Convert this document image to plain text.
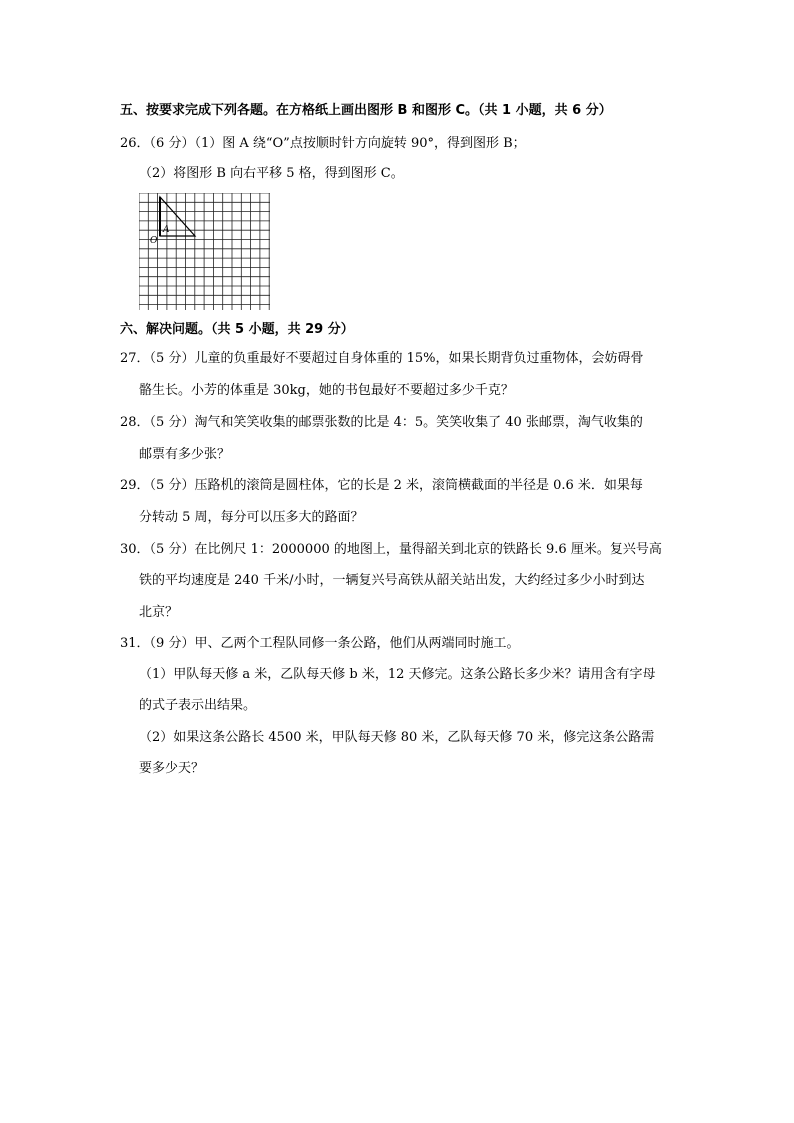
五、按要求完成下列各题。在方格纸上画出图形 B 和图形 C。（共 1 小题，共 6 分）
26．（6 分）（1）图 A 绕“O”点按顺时针方向旋转 90°，得到图形 B；
（2）将图形 B 向右平移 5 格，得到图形 C。
A
O
六、解决问题。（共 5 小题，共 29 分）
27．（5 分）儿童的负重最好不要超过自身体重的 15%，如果长期背负过重物体，会妨碍骨
骼生长。小芳的体重是 30kg，她的书包最好不要超过多少千克？
28．（5 分）淘气和笑笑收集的邮票张数的比是 4：5。笑笑收集了 40 张邮票，淘气收集的
邮票有多少张？
29．（5 分）压路机的滚筒是圆柱体，它的长是 2 米，滚筒横截面的半径是 0.6 米．如果每
分转动 5 周，每分可以压多大的路面？
30．（5 分）在比例尺 1：2000000 的地图上，量得韶关到北京的铁路长 9.6 厘米。复兴号高
铁的平均速度是 240 千米/小时，一辆复兴号高铁从韶关站出发，大约经过多少小时到达
北京？
31．（9 分）甲、乙两个工程队同修一条公路，他们从两端同时施工。
（1）甲队每天修 a 米，乙队每天修 b 米，12 天修完。这条公路长多少米？请用含有字母
的式子表示出结果。
（2）如果这条公路长 4500 米，甲队每天修 80 米，乙队每天修 70 米，修完这条公路需
要多少天？
